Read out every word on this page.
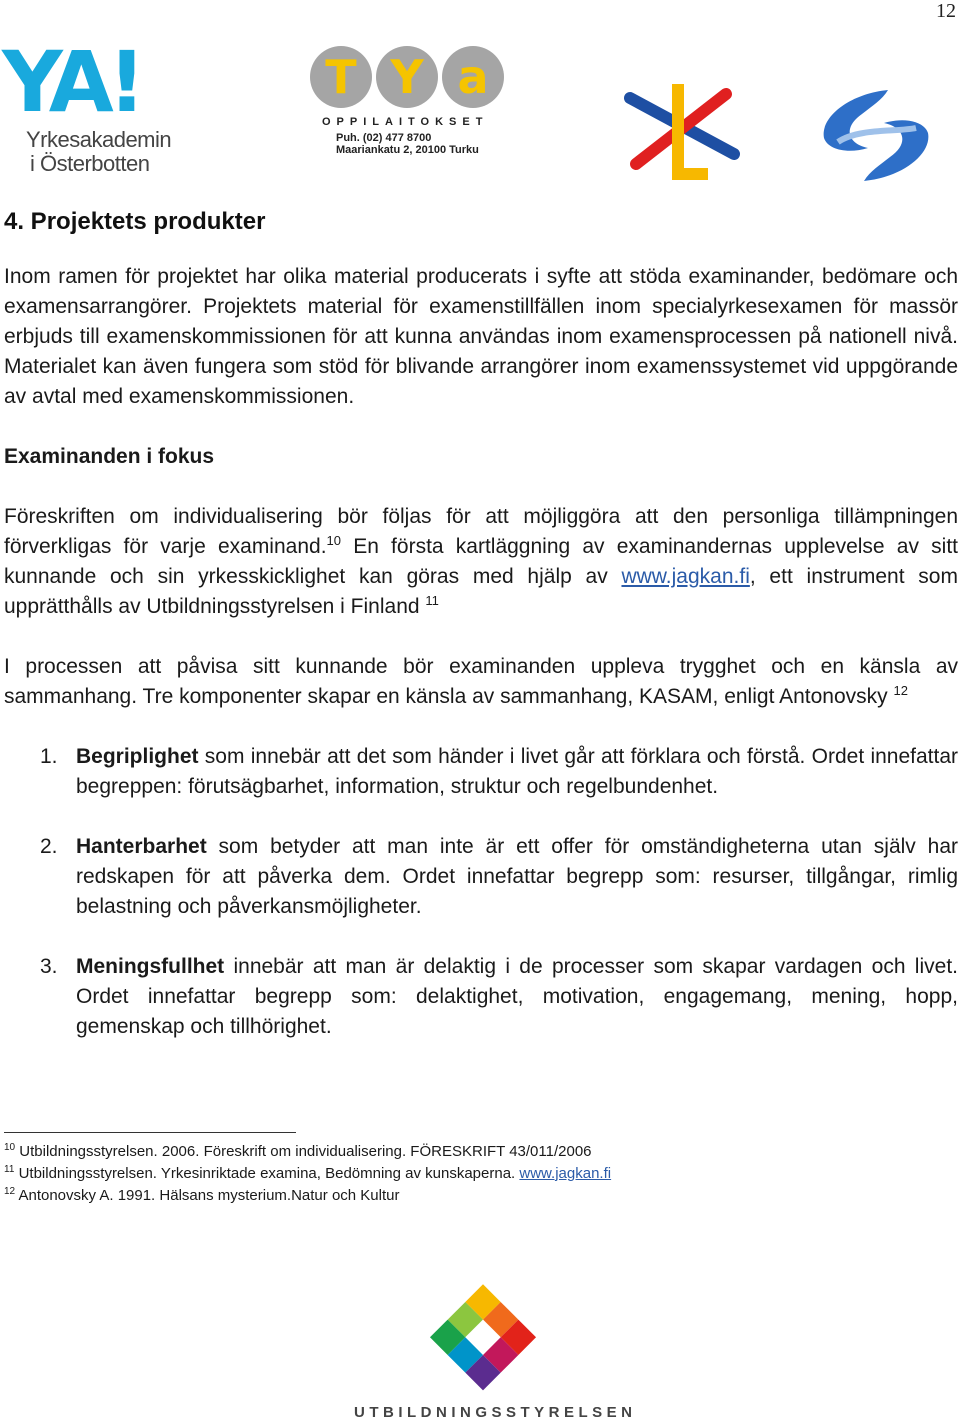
12
YA!
Yrkesakademin
i Österbotten
T Y a
OPPILAITOKSET
Puh. (02) 477 8700
Maariankatu 2, 20100 Turku
4. Projektets produkter

Inom ramen för projektet har olika material producerats i syfte att stöda examinander, bedömare och examensarrangörer. Projektets material för examenstillfällen inom specialyrkesexamen för massör erbjuds till examenskommissionen för att kunna användas inom examensprocessen på nationell nivå. Materialet kan även fungera som stöd för blivande arrangörer inom examenssystemet vid uppgörande av avtal med examenskommissionen.

Examinanden i fokus

Föreskriften om individualisering bör följas för att möjliggöra att den personliga tillämpningen förverkligas för varje examinand.$^{10}$ En första kartläggning av examinandernas upplevelse av sitt kunnande och sin yrkesskicklighet kan göras med hjälp av www.jagkan.fi, ett instrument som upprätthålls av Utbildningsstyrelsen i Finland $^{11}$

I processen att påvisa sitt kunnande bör examinanden uppleva trygghet och en känsla av sammanhang. Tre komponenter skapar en känsla av sammanhang, KASAM, enligt Antonovsky $^{12}$

1. Begriplighet som innebär att det som händer i livet går att förklara och förstå. Ordet innefattar begreppen: förutsägbarhet, information, struktur och regelbundenhet.
2. Hanterbarhet som betyder att man inte är ett offer för omständigheterna utan själv har redskapen för att påverka dem. Ordet innefattar begrepp som: resurser, tillgångar, rimlig belastning och påverkansmöjligheter.
3. Meningsfullhet innebär att man är delaktig i de processer som skapar vardagen och livet. Ordet innefattar begrepp som: delaktighet, motivation, engagemang, mening, hopp, gemenskap och tillhörighet.
$^{10}$ Utbildningsstyrelsen. 2006. Föreskrift om individualisering. FÖRESKRIFT 43/011/2006
$^{11}$ Utbildningsstyrelsen. Yrkesinriktade examina, Bedömning av kunskaperna. www.jagkan.fi
$^{12}$ Antonovsky A. 1991. Hälsans mysterium.Natur och Kultur
UTBILDNINGSSTYRELSEN
